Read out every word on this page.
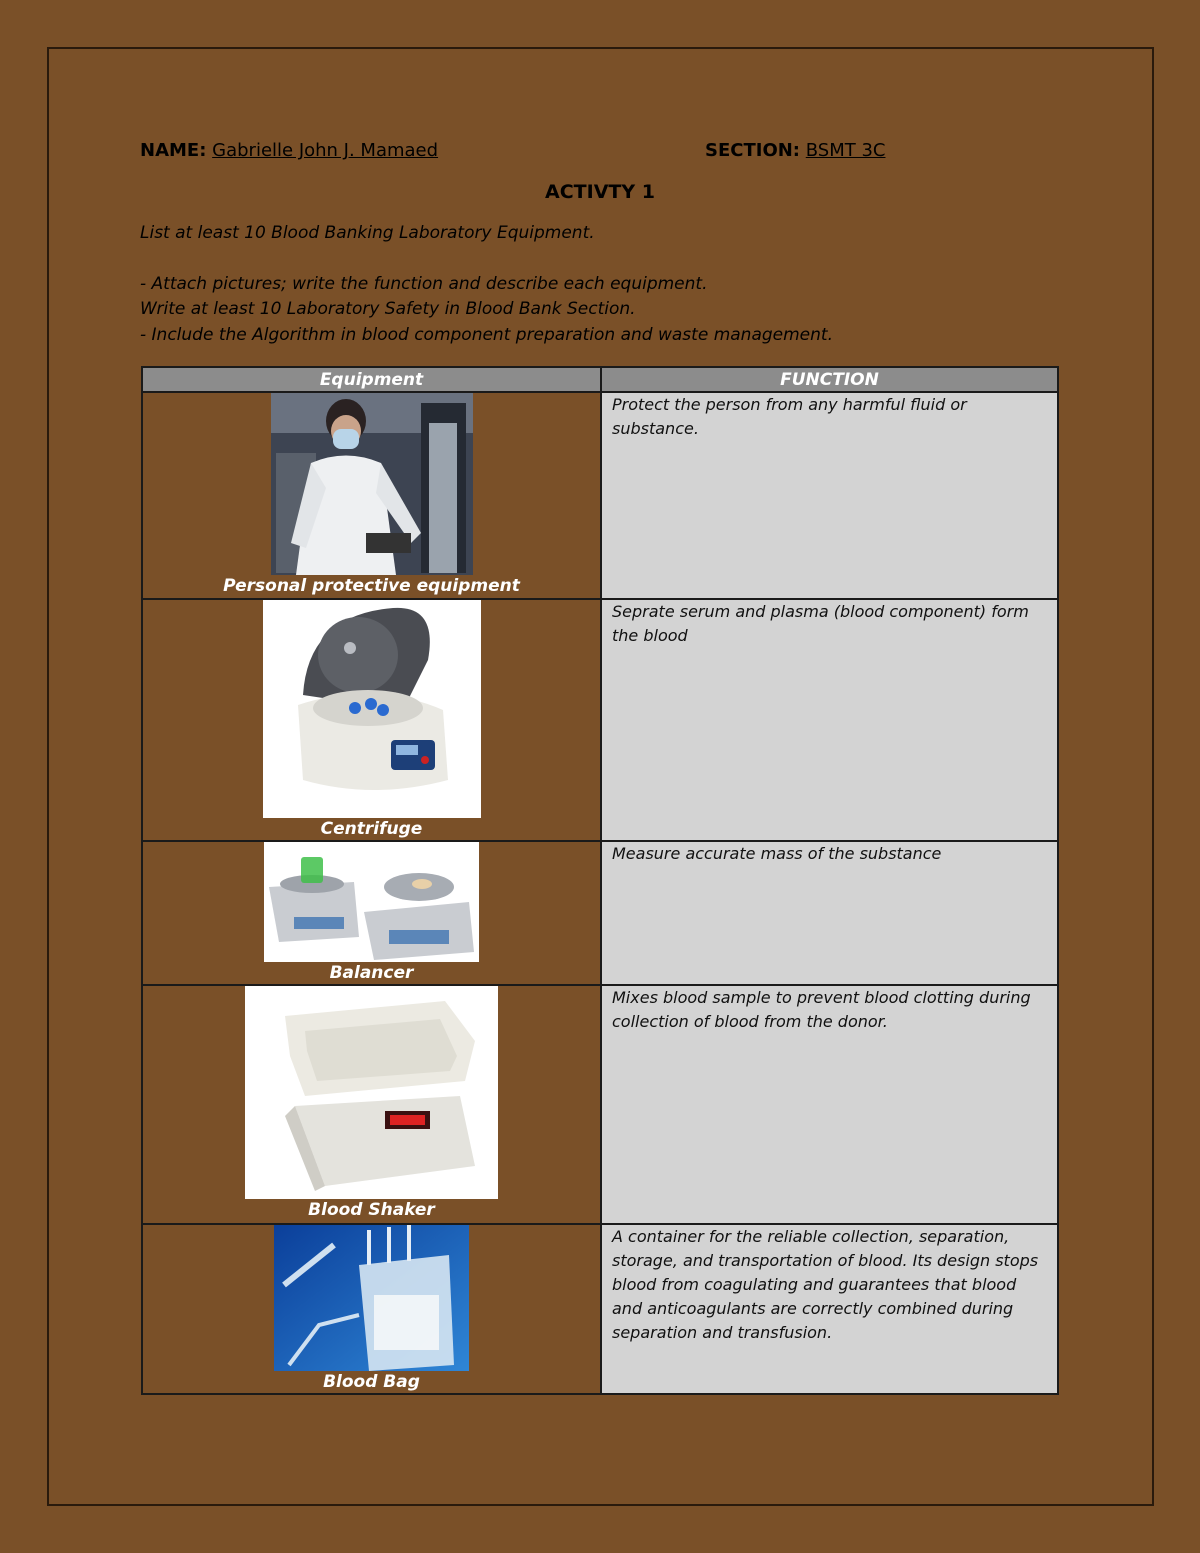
NAME: Gabrielle John J. Mamaed	SECTION: BSMT 3C
ACTIVTY 1
List at least 10 Blood Banking Laboratory Equipment.
- Attach pictures; write the function and describe each equipment.
Write at least 10 Laboratory Safety in Blood Bank Section.
- Include the Algorithm in blood component preparation and waste management.
Equipment	FUNCTION

Personal protective equipment	Protect the person from any harmful fluid or substance.

Centrifuge	Seprate serum and plasma (blood component) form the blood

Balancer	Measure accurate mass of the substance

Blood Shaker	Mixes blood sample to prevent blood clotting during collection of blood from the donor.

Blood Bag	A container for the reliable collection, separation, storage, and transportation of blood. Its design stops blood from coagulating and guarantees that blood and anticoagulants are correctly combined during separation and transfusion.
